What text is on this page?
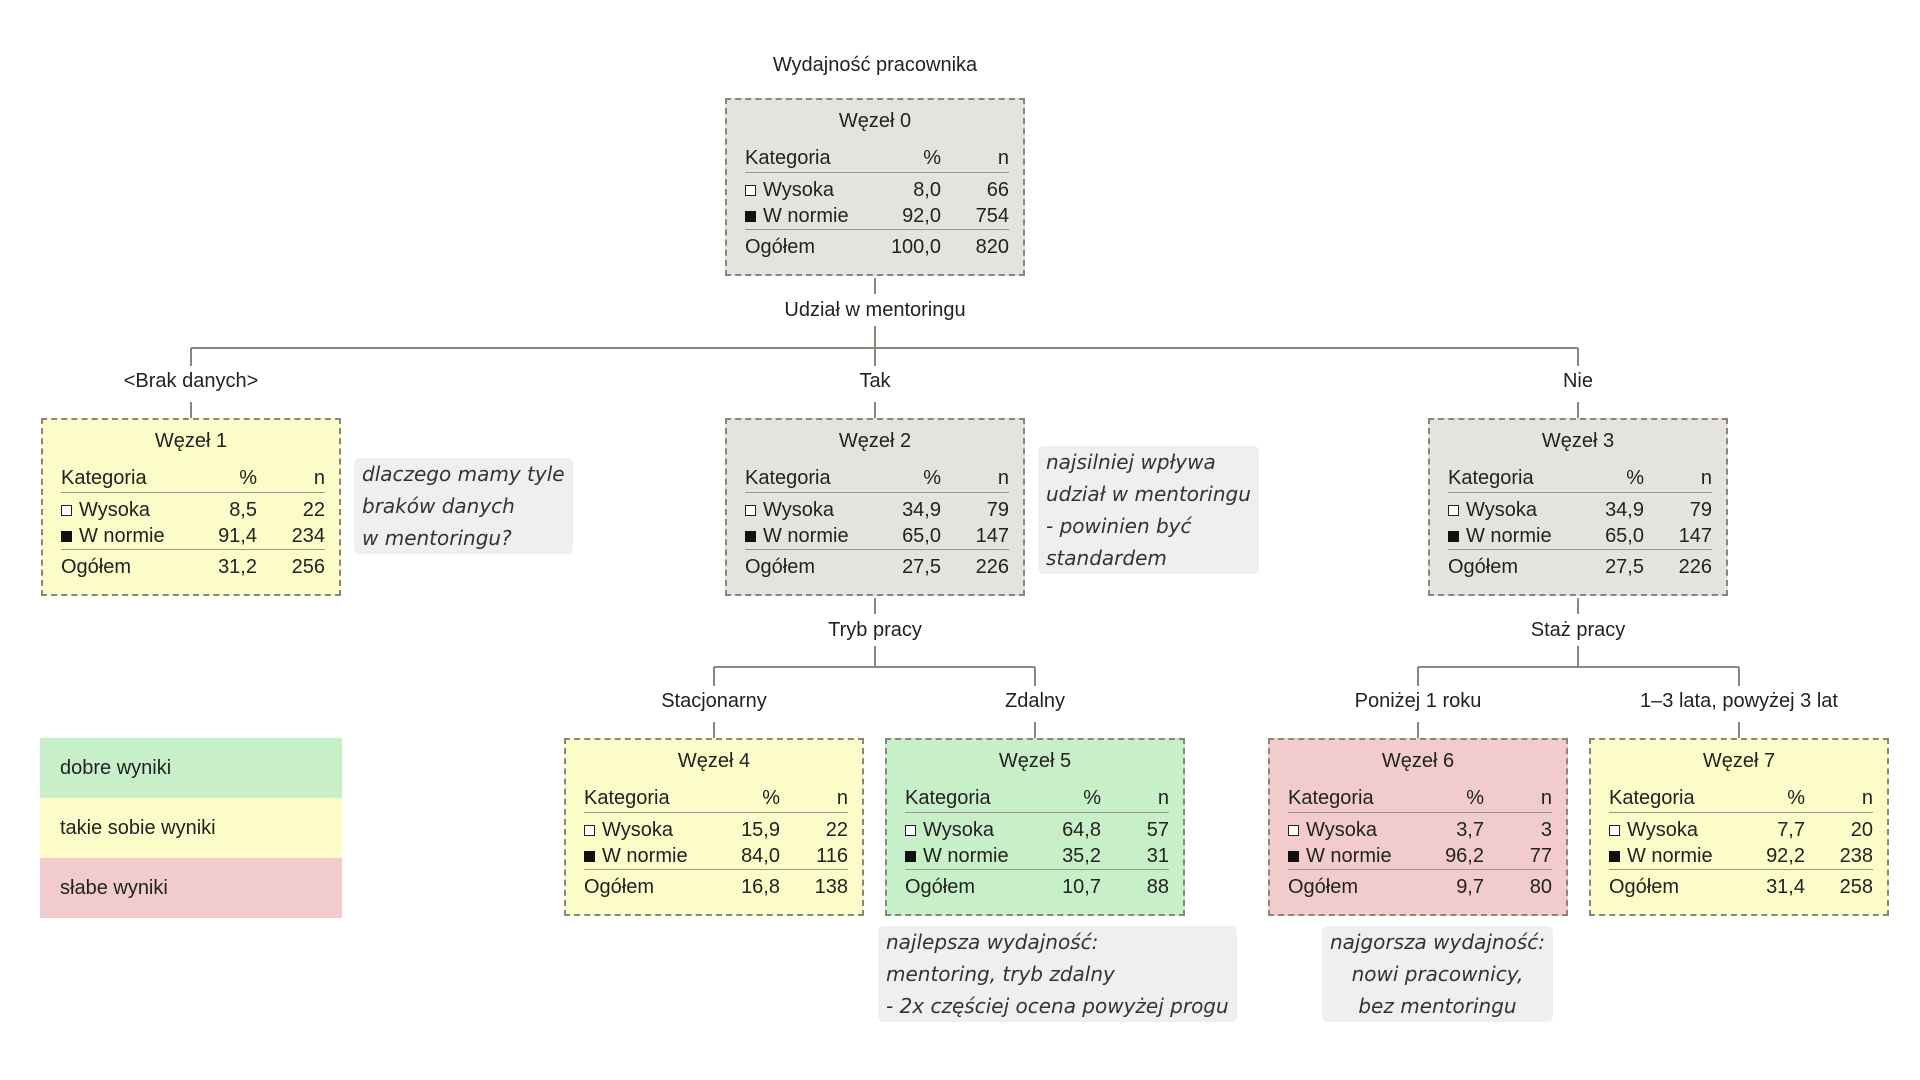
Wydajność pracownika
Udział w mentoringu
<Brak danych>	Tak	Nie
Tryb pracy	Staż pracy
Stacjonarny	Zdalny	Poniżej 1 roku	1–3 lata, powyżej 3 lat
Węzeł 0
Kategoria	%	n
Wysoka	8,0	66
W normie	92,0	754
Ogółem	100,0	820
Węzeł 1
Kategoria	%	n
Wysoka	8,5	22
W normie	91,4	234
Ogółem	31,2	256
Węzeł 2
Kategoria	%	n
Wysoka	34,9	79
W normie	65,0	147
Ogółem	27,5	226
Węzeł 3
Kategoria	%	n
Wysoka	34,9	79
W normie	65,0	147
Ogółem	27,5	226
Węzeł 4
Kategoria	%	n
Wysoka	15,9	22
W normie	84,0	116
Ogółem	16,8	138
Węzeł 5
Kategoria	%	n
Wysoka	64,8	57
W normie	35,2	31
Ogółem	10,7	88
Węzeł 6
Kategoria	%	n
Wysoka	3,7	3
W normie	96,2	77
Ogółem	9,7	80
Węzeł 7
Kategoria	%	n
Wysoka	7,7	20
W normie	92,2	238
Ogółem	31,4	258
dobre wyniki
takie sobie wyniki
słabe wyniki
dlaczego mamy tyle
braków danych
w mentoringu?
najsilniej wpływa
udział w mentoringu
- powinien być
standardem
najlepsza wydajność:
mentoring, tryb zdalny
- 2x częściej ocena powyżej progu
najgorsza wydajność:
nowi pracownicy,
bez mentoringu
